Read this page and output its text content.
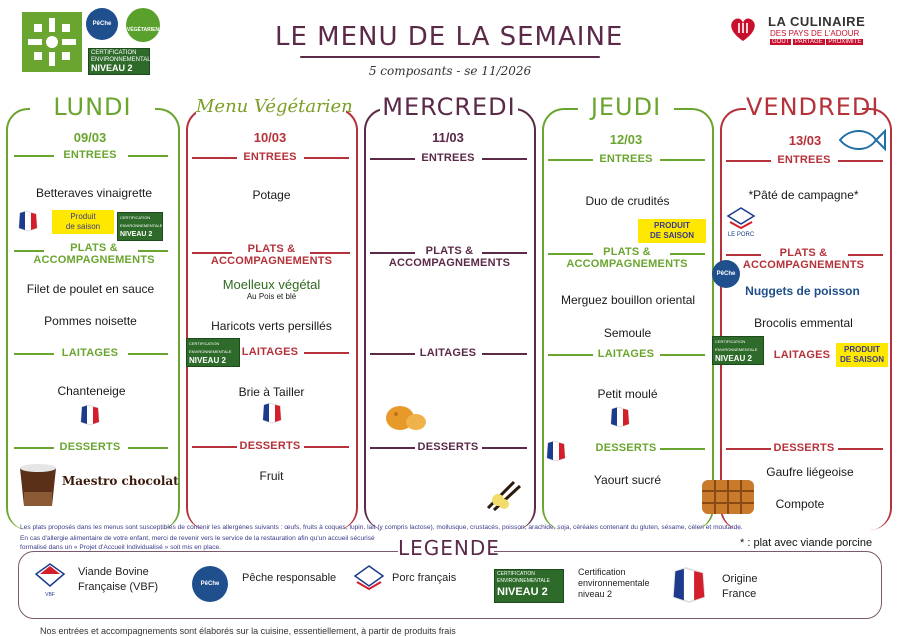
PêChe
VÉGÉTARIEN
CERTIFICATION ENVIRONNEMENTALE
NIVEAU 2
LE MENU DE LA SEMAINE
5 composants - se 11/2026
LA CULINAIRE
DES PAYS DE L'ADOUR
GOÛT PARTAGE PROXIMITÉ
LUNDI
09/03
ENTREES
Betteraves vinaigrette
Produit
de saison
CERTIFICATION ENVIRONNEMENTALE
NIVEAU 2
PLATS &
ACCOMPAGNEMENTS
Filet de poulet en sauce
Pommes noisette
LAITAGES
Chanteneige
DESSERTS
Maestro chocolat
Menu Végétarien
10/03
ENTREES
Potage
PLATS &
ACCOMPAGNEMENTS
Moelleux végétal
Au Pois et blé
Haricots verts persillés
CERTIFICATION ENVIRONNEMENTALE
NIVEAU 2
LAITAGES
Brie à Tailler
DESSERTS
Fruit
MERCREDI
11/03
ENTREES
PLATS &
ACCOMPAGNEMENTS
LAITAGES
DESSERTS
JEUDI
12/03
ENTREES
Duo de crudités
PRODUIT
DE SAISON
PLATS &
ACCOMPAGNEMENTS
Merguez bouillon oriental
Semoule
LAITAGES
Petit moulé
DESSERTS
Yaourt sucré
VENDREDI
13/03
ENTREES
*Pâté de campagne*
LE PORC
PLATS &
ACCOMPAGNEMENTS
PêChe
Nuggets de poisson
Brocolis emmental
CERTIFICATION ENVIRONNEMENTALE
NIVEAU 2	LAITAGES	PRODUIT
DE SAISON
DESSERTS
Gaufre liégeoise
Compote
Les plats proposés dans les menus sont susceptibles de contenir les allergènes suivants : œufs, fruits à coques, lupin, lait (y compris lactose), mollusque, crustacés, poisson, arachide, soja, céréales contenant du gluten, sésame, céleri et moutarde.
En cas d'allergie alimentaire de votre enfant, merci de revenir vers le service de la restauration afin qu'un accueil sécurisé formalisé dans un « Projet d'Accueil Individualisé » soit mis en place.	* : plat avec viande porcine
LEGENDE
VBF
Viande Bovine
Française (VBF)	PêChe	Pêche responsable	Porc français	CERTIFICATION ENVIRONNEMENTALE
NIVEAU 2
Certification
environnementale
niveau 2
Origine
France
Nos entrées et accompagnements sont élaborés sur la cuisine, essentiellement, à partir de produits frais
